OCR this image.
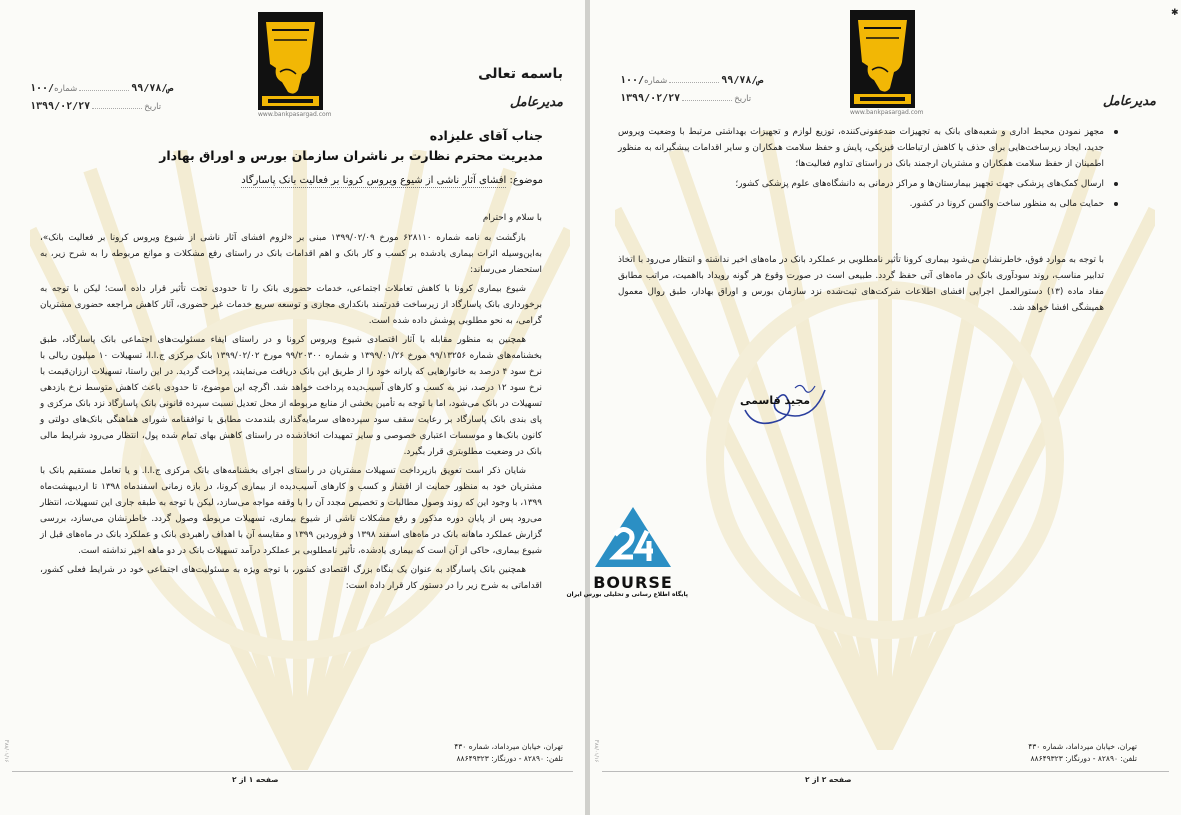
www.bankpasargad.com
۱۰۰/ص/۹۹/۷۸شماره
۱۳۹۹/۰۲/۲۷	تاریخ
باسمه تعالی
مدیرعامل
جناب آقای علیزاده
مدیریت محترم نظارت بر ناشران سازمان بورس و اوراق بهادار
موضوع: افشای آثار ناشی از شیوع ویروس کرونا بر فعالیت بانک پاسارگاد

با سلام و احترام

بازگشت به نامه شماره ۶۲۸۱۱۰ مورخ ۱۳۹۹/۰۲/۰۹ مبنی بر «لزوم افشای آثار ناشی از شیوع ویروس کرونا بر فعالیت بانک»، به‌این‌وسیله اثرات بیماری یادشده بر کسب و کار بانک و اهم اقدامات بانک در راستای رفع مشکلات و موانع مربوطه را به شرح زیر، به استحضار می‌رساند:

شیوع بیماری کرونا با کاهش تعاملات اجتماعی، خدمات حضوری بانک را تا حدودی تحت تأثیر قرار داده است؛ لیکن با توجه به برخورداری بانک پاسارگاد از زیرساخت قدرتمند بانکداری مجازی و توسعه سریع خدمات غیر حضوری، آثار کاهش مراجعه حضوری مشتریان گرامی، به نحو مطلوبی پوشش داده شده است.

همچنین به منظور مقابله با آثار اقتصادی شیوع ویروس کرونا و در راستای ایفاء مسئولیت‌های اجتماعی بانک پاسارگاد، طبق بخشنامه‌های شماره ۹۹/۱۳۲۵۶ مورخ ۱۳۹۹/۰۱/۲۶ و شماره ۹۹/۲۰۳۰۰ مورخ ۱۳۹۹/۰۲/۰۲ بانک مرکزی ج.ا.ا، تسهیلات ۱۰ میلیون ریالی با نرخ سود ۴ درصد به خانوارهایی که یارانه خود را از طریق این بانک دریافت می‌نمایند، پرداخت گردید. در این راستا، تسهیلات ارزان‌قیمت با نرخ سود ۱۲ درصد، نیز به کسب و کارهای آسیب‌دیده پرداخت خواهد شد. اگرچه این موضوع، تا حدودی باعث کاهش متوسط نرخ بازدهی تسهیلات در بانک می‌شود، اما با توجه به تأمین بخشی از منابع مربوطه از محل تعدیل نسبت سپرده قانونی بانک پاسارگاد نزد بانک مرکزی و پای بندی بانک پاسارگاد بر رعایت سقف سود سپرده‌های سرمایه‌گذاری بلندمدت مطابق با توافقنامه شورای هماهنگی بانک‌های دولتی و کانون بانک‌ها و موسسات اعتباری خصوصی و سایر تمهیدات اتخاذشده در راستای کاهش بهای تمام شده پول، انتظار می‌رود شرایط مالی بانک در وضعیت مطلوبتری قرار بگیرد.

شایان ذکر است تعویق بازپرداخت تسهیلات مشتریان در راستای اجرای بخشنامه‌های بانک مرکزی ج.ا.ا. و یا تعامل مستقیم بانک با مشتریان خود به منظور حمایت از اقشار و کسب و کارهای آسیب‌دیده از بیماری کرونا، در بازه زمانی اسفندماه ۱۳۹۸ تا اردیبهشت‌ماه ۱۳۹۹، با وجود این که روند وصول مطالبات و تخصیص مجدد آن را با وقفه مواجه می‌سازد، لیکن با توجه به طبقه جاری این تسهیلات، انتظار می‌رود پس از پایان دوره مذکور و رفع مشکلات ناشی از شیوع بیماری، تسهیلات مربوطه وصول گردد. خاطرنشان می‌سازد، بررسی گزارش عملکرد ماهانه بانک در ماه‌های اسفند ۱۳۹۸ و فروردین ۱۳۹۹ و مقایسه آن با اهداف راهبردی بانک و عملکرد بانک در ماه‌های قبل از شیوع بیماری، حاکی از آن است که بیماری یادشده، تأثیر نامطلوبی بر عملکرد درآمد تسهیلات بانک در دو ماهه اخیر نداشته است.

همچنین بانک پاسارگاد به عنوان یک بنگاه بزرگ اقتصادی کشور، با توجه ویژه به مسئولیت‌های اجتماعی خود در شرایط فعلی کشور، اقداماتی به شرح زیر را در دستور کار قرار داده است:

تهران، خیابان میرداماد، شماره ۴۳۰
تلفن: ۸۲۸۹۰ - دورنگار: ۸۸۶۴۹۳۲۳
صفحه ۱ از ۲
F۸۸/۰۱/۱۶
www.bankpasargad.com
۱۰۰/ص/۹۹/۷۸شماره
۱۳۹۹/۰۲/۲۷	تاریخ	مدیرعامل
مجهز نمودن محیط اداری و شعبه‌های بانک به تجهیزات ضدعفونی‌کننده، توزیع لوازم و تجهیزات بهداشتی مرتبط با وضعیت ویروس جدید، ایجاد زیرساخت‌هایی برای حذف یا کاهش ارتباطات فیزیکی، پایش و حفظ سلامت همکاران و سایر اقدامات پیشگیرانه به منظور اطمینان از حفظ سلامت همکاران و مشتریان ارجمند بانک در راستای تداوم فعالیت‌ها؛
ارسال کمک‌های پزشکی جهت تجهیز بیمارستان‌ها و مراکز درمانی به دانشگاه‌های علوم پزشکی کشور؛
حمایت مالی به منظور ساخت واکسن کرونا در کشور.

با توجه به موارد فوق، خاطرنشان می‌شود بیماری کرونا تأثیر نامطلوبی بر عملکرد بانک در ماه‌های اخیر نداشته و انتظار می‌رود با اتخاذ تدابیر مناسب، روند سودآوری بانک در ماه‌های آتی حفظ گردد. طبیعی است در صورت وقوع هر گونه رویداد بااهمیت، مراتب مطابق مفاد ماده (۱۳) دستورالعمل اجرایی افشای اطلاعات شرکت‌های ثبت‌شده نزد سازمان بورس و اوراق بهادار، طبق روال معمول همیشگی افشا خواهد شد.

مجید قاسمی
تهران، خیابان میرداماد، شماره ۴۳۰
تلفن: ۸۲۸۹۰ - دورنگار: ۸۸۶۴۹۳۲۳
صفحه ۲ از ۲
F۸۸/۰۱/۱۶
BOURSE
پایگاه اطلاع رسانی و تحلیلی بورس ایران
✱
